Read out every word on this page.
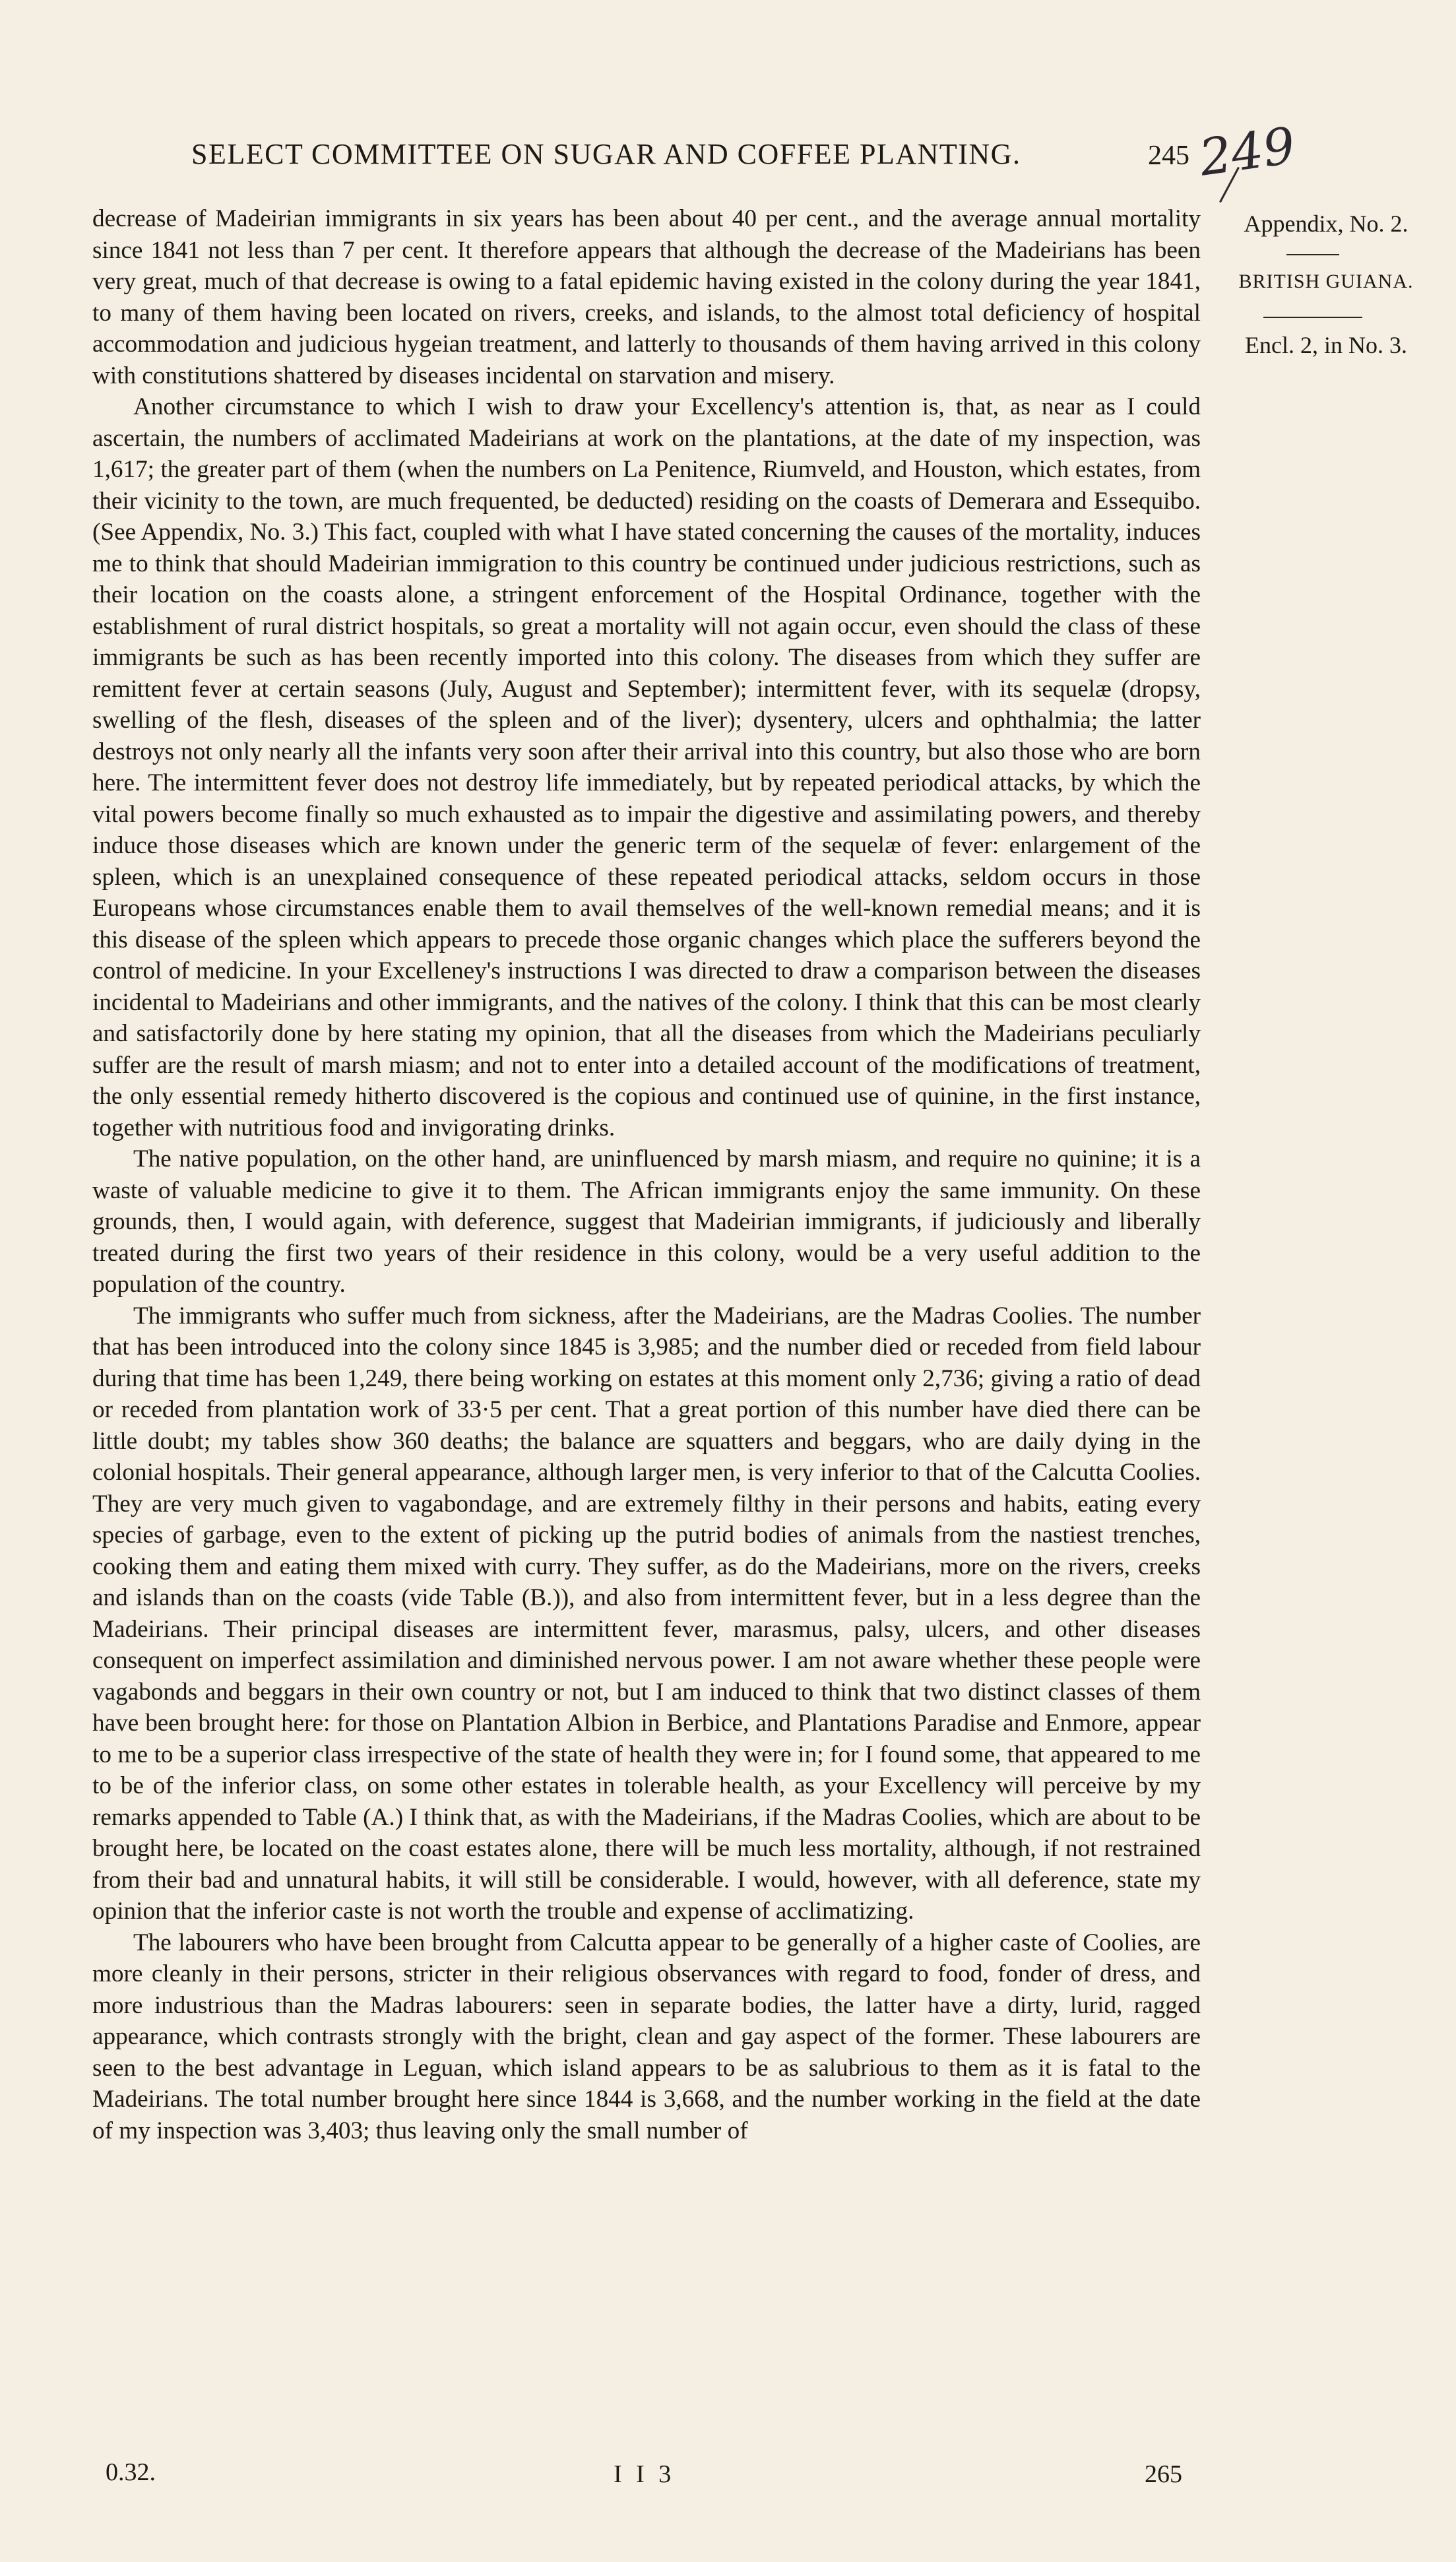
SELECT COMMITTEE ON SUGAR AND COFFEE PLANTING.	245 249
Appendix, No. 2.
BRITISH GUIANA.
Encl. 2, in No. 3.

decrease of Madeirian immigrants in six years has been about 40 per cent., and the average annual mortality since 1841 not less than 7 per cent. It therefore appears that although the decrease of the Madeirians has been very great, much of that decrease is owing to a fatal epidemic having existed in the colony during the year 1841, to many of them having been located on rivers, creeks, and islands, to the almost total deficiency of hospital accommodation and judicious hygeian treatment, and latterly to thousands of them having arrived in this colony with constitutions shattered by diseases incidental on starvation and misery.

Another circumstance to which I wish to draw your Excellency's attention is, that, as near as I could ascertain, the numbers of acclimated Madeirians at work on the plantations, at the date of my inspection, was 1,617; the greater part of them (when the numbers on La Penitence, Riumveld, and Houston, which estates, from their vicinity to the town, are much frequented, be deducted) residing on the coasts of Demerara and Essequibo. (See Appendix, No. 3.) This fact, coupled with what I have stated concerning the causes of the mortality, induces me to think that should Madeirian immigration to this country be continued under judicious restrictions, such as their location on the coasts alone, a stringent enforcement of the Hospital Ordinance, together with the establishment of rural district hospitals, so great a mortality will not again occur, even should the class of these immigrants be such as has been recently imported into this colony. The diseases from which they suffer are remittent fever at certain seasons (July, August and September); intermittent fever, with its sequelæ (dropsy, swelling of the flesh, diseases of the spleen and of the liver); dysentery, ulcers and ophthalmia; the latter destroys not only nearly all the infants very soon after their arrival into this country, but also those who are born here. The intermittent fever does not destroy life immediately, but by repeated periodical attacks, by which the vital powers become finally so much exhausted as to impair the digestive and assimilating powers, and thereby induce those diseases which are known under the generic term of the sequelæ of fever: enlargement of the spleen, which is an unexplained consequence of these repeated periodical attacks, seldom occurs in those Europeans whose circumstances enable them to avail themselves of the well-known remedial means; and it is this disease of the spleen which appears to precede those organic changes which place the sufferers beyond the control of medicine. In your Excelleney's instructions I was directed to draw a comparison between the diseases incidental to Madeirians and other immigrants, and the natives of the colony. I think that this can be most clearly and satisfactorily done by here stating my opinion, that all the diseases from which the Madeirians peculiarly suffer are the result of marsh miasm; and not to enter into a detailed account of the modifications of treatment, the only essential remedy hitherto discovered is the copious and continued use of quinine, in the first instance, together with nutritious food and invigorating drinks.

The native population, on the other hand, are uninfluenced by marsh miasm, and require no quinine; it is a waste of valuable medicine to give it to them. The African immigrants enjoy the same immunity. On these grounds, then, I would again, with deference, suggest that Madeirian immigrants, if judiciously and liberally treated during the first two years of their residence in this colony, would be a very useful addition to the population of the country.

The immigrants who suffer much from sickness, after the Madeirians, are the Madras Coolies. The number that has been introduced into the colony since 1845 is 3,985; and the number died or receded from field labour during that time has been 1,249, there being working on estates at this moment only 2,736; giving a ratio of dead or receded from plantation work of 33·5 per cent. That a great portion of this number have died there can be little doubt; my tables show 360 deaths; the balance are squatters and beggars, who are daily dying in the colonial hospitals. Their general appearance, although larger men, is very inferior to that of the Calcutta Coolies. They are very much given to vagabondage, and are extremely filthy in their persons and habits, eating every species of garbage, even to the extent of picking up the putrid bodies of animals from the nastiest trenches, cooking them and eating them mixed with curry. They suffer, as do the Madeirians, more on the rivers, creeks and islands than on the coasts (vide Table (B.)), and also from intermittent fever, but in a less degree than the Madeirians. Their principal diseases are intermittent fever, marasmus, palsy, ulcers, and other diseases consequent on imperfect assimilation and diminished nervous power. I am not aware whether these people were vagabonds and beggars in their own country or not, but I am induced to think that two distinct classes of them have been brought here: for those on Plantation Albion in Berbice, and Plantations Paradise and Enmore, appear to me to be a superior class irrespective of the state of health they were in; for I found some, that appeared to me to be of the inferior class, on some other estates in tolerable health, as your Excellency will perceive by my remarks appended to Table (A.) I think that, as with the Madeirians, if the Madras Coolies, which are about to be brought here, be located on the coast estates alone, there will be much less mortality, although, if not restrained from their bad and unnatural habits, it will still be considerable. I would, however, with all deference, state my opinion that the inferior caste is not worth the trouble and expense of acclimatizing.

The labourers who have been brought from Calcutta appear to be generally of a higher caste of Coolies, are more cleanly in their persons, stricter in their religious observances with regard to food, fonder of dress, and more industrious than the Madras labourers: seen in separate bodies, the latter have a dirty, lurid, ragged appearance, which contrasts strongly with the bright, clean and gay aspect of the former. These labourers are seen to the best advantage in Leguan, which island appears to be as salubrious to them as it is fatal to the Madeirians. The total number brought here since 1844 is 3,668, and the number working in the field at the date of my inspection was 3,403; thus leaving only the small number of

0.32.	I I 3	265
